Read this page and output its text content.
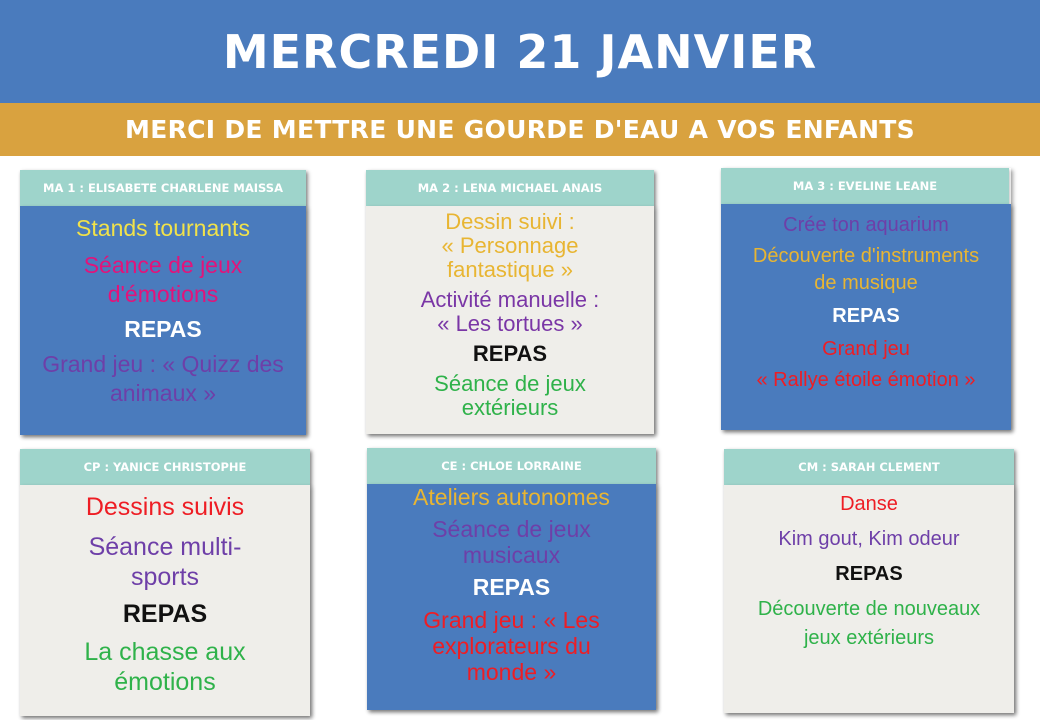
MERCREDI 21 JANVIER
MERCI DE METTRE UNE GOURDE D'EAU A VOS ENFANTS
MA 1 : ELISABETE CHARLENE MAISSA
Stands tournants
Séance de jeux
d'émotions
REPAS
Grand jeu : « Quizz des
animaux »
MA 2 : LENA MICHAEL ANAIS
Dessin suivi :
« Personnage
fantastique »
Activité manuelle :
« Les tortues »
REPAS
Séance de jeux
extérieurs
MA 3 : EVELINE LEANE
Crée ton aquarium
Découverte d'instruments
de musique
REPAS
Grand jeu
« Rallye étoile émotion »
CP : YANICE CHRISTOPHE
Dessins suivis
Séance multi-
sports
REPAS
La chasse aux
émotions
CE : CHLOE LORRAINE
Ateliers autonomes
Séance de jeux
musicaux
REPAS
Grand jeu : « Les
explorateurs du
monde »
CM : SARAH CLEMENT
Danse
Kim gout, Kim odeur
REPAS
Découverte de nouveaux
jeux extérieurs
